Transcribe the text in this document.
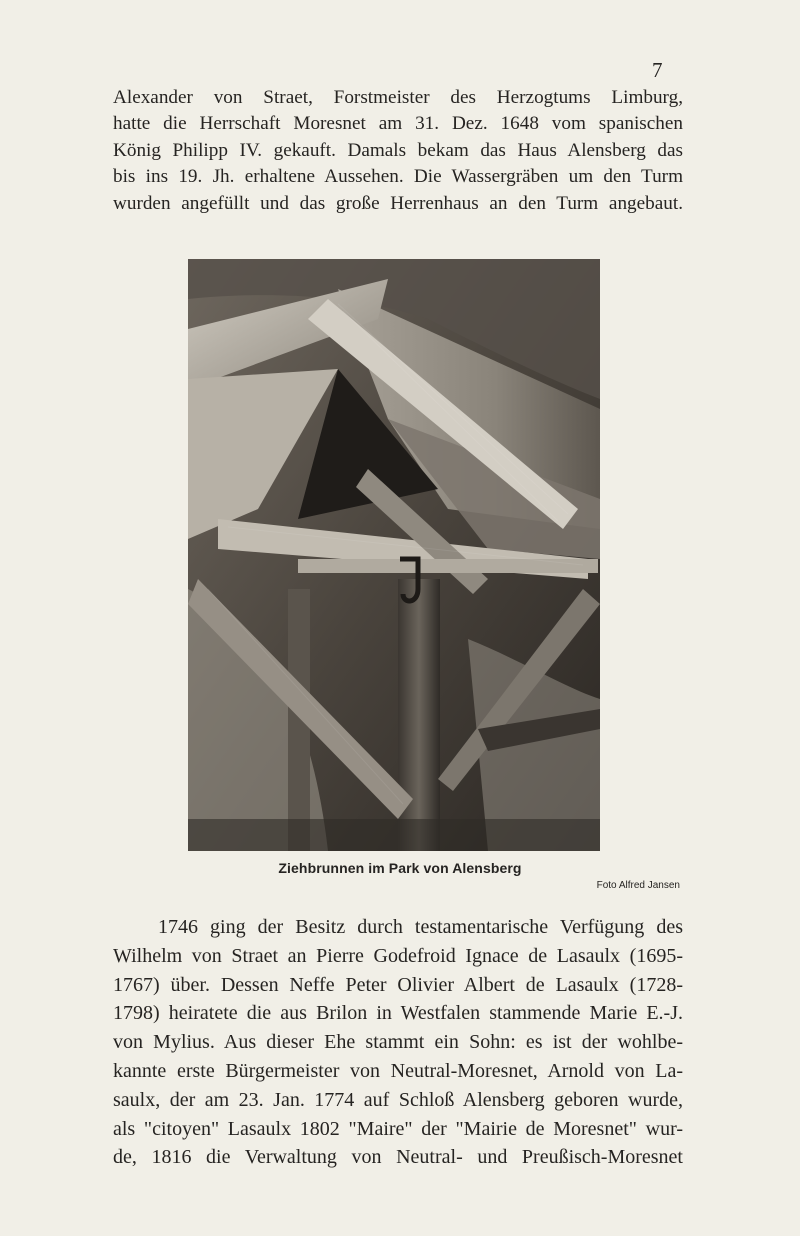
7

Alexander von Straet, Forstmeister des Herzogtums Limburg,
hatte die Herrschaft Moresnet am 31. Dez. 1648 vom spanischen
König Philipp IV. gekauft. Damals bekam das Haus Alensberg das
bis ins 19. Jh. erhaltene Aussehen. Die Wassergräben um den Turm
wurden angefüllt und das große Herrenhaus an den Turm angebaut.

Ziehbrunnen im Park von Alensberg
Foto Alfred Jansen

1746 ging der Besitz durch testamentarische Verfügung des
Wilhelm von Straet an Pierre Godefroid Ignace de Lasaulx (1695-
1767) über. Dessen Neffe Peter Olivier Albert de Lasaulx (1728-
1798) heiratete die aus Brilon in Westfalen stammende Marie E.-J.
von Mylius. Aus dieser Ehe stammt ein Sohn: es ist der wohlbe-
kannte erste Bürgermeister von Neutral-Moresnet, Arnold von La-
saulx, der am 23. Jan. 1774 auf Schloß Alensberg geboren wurde,
als "citoyen" Lasaulx 1802 "Maire" der "Mairie de Moresnet" wur-
de, 1816 die Verwaltung von Neutral- und Preußisch-Moresnet
